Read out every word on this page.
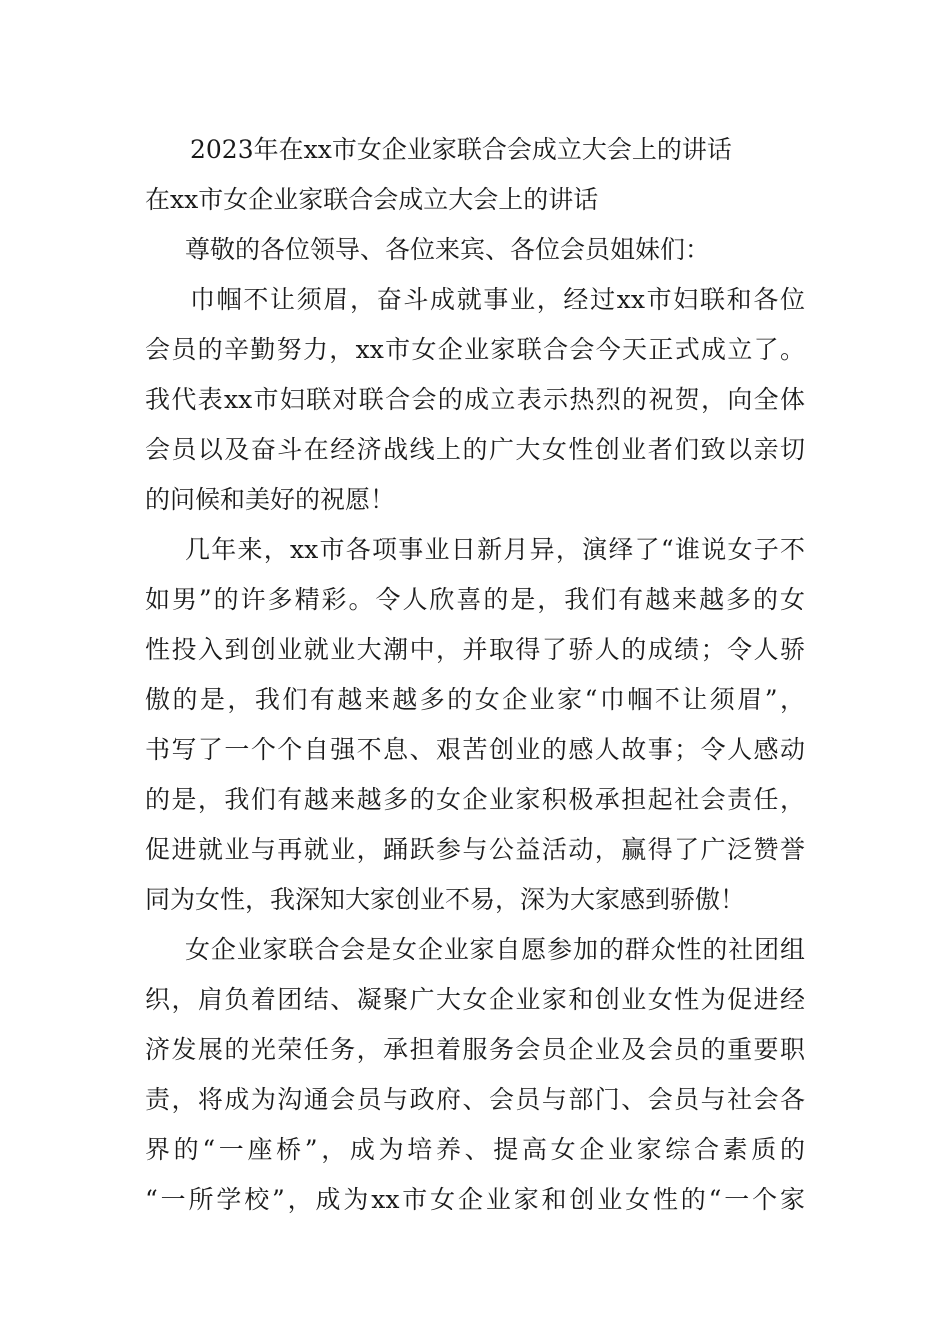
2023年在xx市女企业家联合会成立大会上的讲话
在xx市女企业家联合会成立大会上的讲话
尊敬的各位领导、各位来宾、各位会员姐妹们：
巾帼不让须眉，奋斗成就事业，经过xx市妇联和各位
会员的辛勤努力，xx市女企业家联合会今天正式成立了。
我代表xx市妇联对联合会的成立表示热烈的祝贺，向全体
会员以及奋斗在经济战线上的广大女性创业者们致以亲切
的问候和美好的祝愿！
几年来，xx市各项事业日新月异，演绎了“谁说女子不
如男”的许多精彩。令人欣喜的是，我们有越来越多的女
性投入到创业就业大潮中，并取得了骄人的成绩；令人骄
傲的是，我们有越来越多的女企业家“巾帼不让须眉”，
书写了一个个自强不息、艰苦创业的感人故事；令人感动
的是，我们有越来越多的女企业家积极承担起社会责任，
促进就业与再就业，踊跃参与公益活动，赢得了广泛赞誉
同为女性，我深知大家创业不易，深为大家感到骄傲！
女企业家联合会是女企业家自愿参加的群众性的社团组
织，肩负着团结、凝聚广大女企业家和创业女性为促进经
济发展的光荣任务，承担着服务会员企业及会员的重要职
责，将成为沟通会员与政府、会员与部门、会员与社会各
界的“一座桥”，成为培养、提高女企业家综合素质的
“一所学校”，成为xx市女企业家和创业女性的“一个家
